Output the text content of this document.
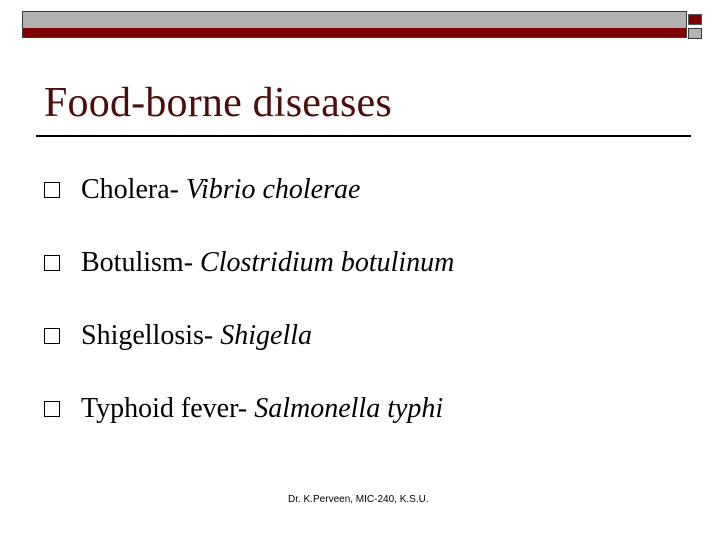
Food-borne diseases
Cholera- Vibrio cholerae
Botulism- Clostridium botulinum
Shigellosis- Shigella
Typhoid fever- Salmonella typhi
Dr. K.Perveen, MIC-240, K.S.U.
